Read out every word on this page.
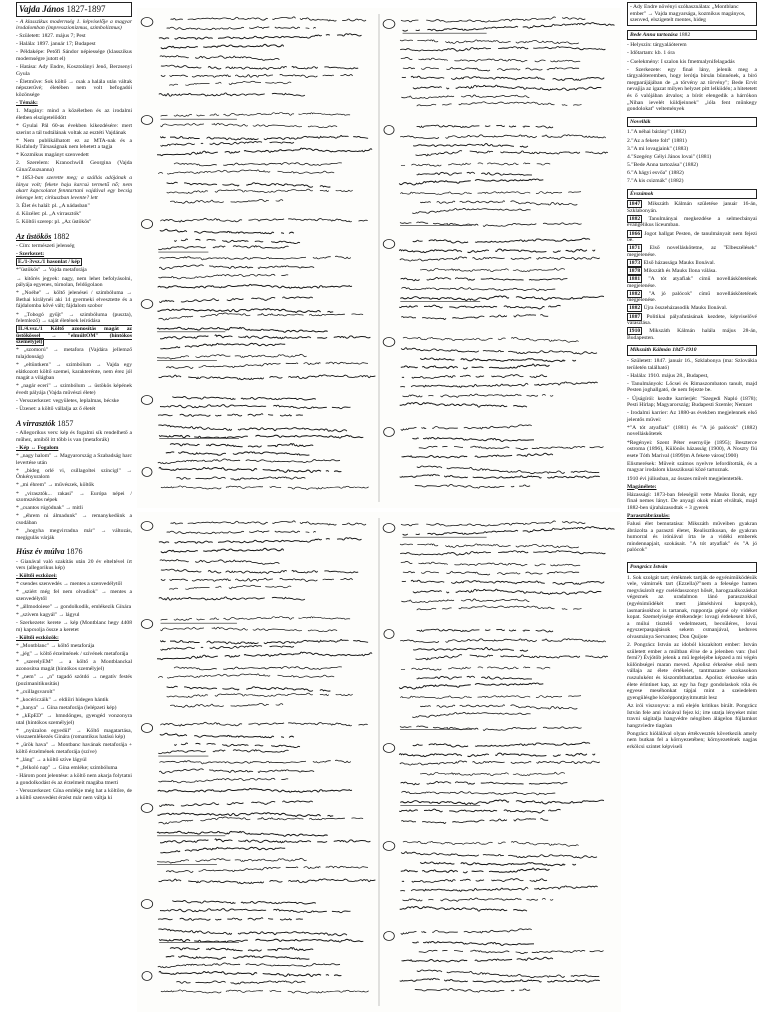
Vajda János 1827-1897
- A klasszikus modernség 1. képviselője a magyar irodalomban (impresszionizmus, szimbolizmus)
- Született: 1827. május 7; Pest
- Halála: 1897. január 17; Budapest
- Példaképe: Petőfi Sándor népiessége (klasszikus modernségre jutott el)
- Hatása: Ady Endre, Kosztolányi Jenő, Berzsenyi Gyula
- Életműve: Sok költő → csak a halála után váltak népszerűvé; életében nem volt befogadói közönsége
- Témák:
1. Magány: mind a közéletben és az irodalmi életben elszigetelődött
* Gyulai Pál 60-as években kikezdésére: mert szerint a tál tudtálának voltak az esztéti Vajdának
* Nem publikálhatott ez az MTA-nak és a Kisfaludy Társaságnak nem lehetett a tagja
* Kozmikus magányt szenvedett
2. Szerelem: Kranochwill Georgina (Vajda Gina/Zsuzsanna)
* 1853-ban szerette meg; a szállás adójának a lánya volt; fekete haju karcsú termetű nő; nem akart kapcsolatot fenntartani vajdával egy becsig lekenge lett; cirkuszban levente? lett
3. Élet és halál: pl. „A nádasban"
4. Közélet: pl. „A virrasztók"
5. Költői szerep: pl. „Az üstökös"
Az üstökös 1882
- Cím: természeti jelenség
- Szerkezet:
E./1-3vsz./1 hasonlat / kép
*"üstökös" → Vajda metaforája
→ kitörés jegyek: nagy, nem lehet befolyásolni, pályája egyenes, túrnolan, feldögolaon
* „Noéhe" → költő jelenései / szimbóluma → Bethai királynéi aki 14 gyermeki elvesztette és a fájdalomba kővé vált; fájdalom szobor
* „Tobogó gyűjt" → szimbóluma (puszta), felemlező) → saját életének leíródása
II./4.vsz./1 Költő azonosítás magát az üstökössel → "elmúltOM" (hintókos személyjel)
* „szomorú" → metafora (Vajdára jellemző tulajdonság)
* „eltüntkem" → szimbólum → Vajda egy elátkozott költő szemei, karakterénte, nem érez jól magát a világban
* „nagár eceri" → szimbólum → üstökös képének évedt pályája (Vajda művészi élete)
- Versszerkezet: vegyületes, leplalmas, bécske
- Üzenet: a költő vállalja az ő életét
A virrasztók 1857
- Allegorikus vers: kép és fogalmi sík rendelhető a műhez, amiből itt több is van (metaforák)
- Kép ↔ Fogalom
* „nagy halom" → Magyarország a Szabadság harc levertése után
* „bideg orlé vi, csillagoltei színcigl" → Önkényuralom
* „mi éhrem" → művészek, költők
* „virasztók... rakasi" → Európa népei / szomszédos népek
* „csantos rúgódnak" → mitli
* „éhrem ni álmadunk" → remanykedünk a csodában
* „hogyha megvirradna már" → változás, megigulás várják
Húsz év múlva 1876
- Gianával való szakítás után 20 év elteltével írt vers (allegorikus kép)
- Költői eszközei:
* csendes szenvedés → mentes a szenvedélytől
* „sziért még fel nem olvadiok" → mentes a szenvedélytől
* „állmodoiese" → gondolkodik, emlékezik Gínára
* „szívem kagyál" → lágyul
- Szerkezete: kerete → kép (Montblanc hegy 4408 m) kapcsolja össze a keretet
- Költői eszközök:
* „Montblanc" → költő metaforája
* „jég" → költő érzelmének / szívének metaforája
* „szerelyEM" → a költő a Montblanckal azonosítsa magát (hintókos személyjel)
* „nem" → „n" tagadó szótdó → negatív festés (pozimanitikusítás)
* „csillagsvarolt"
* „kocériczáik" → eldiíiri hidegen hántik
* „hanya" → Gína metaforája (lelépzeti kép)
* „kEpED" → hmndönges, gyengéd vonzonyra utal (hintókos személyjel)
* „nyúzalon egyedül" → Költő magatartása, visszaemlékezés Ginára (romantikus hatású kép)
* „ürök hava" → Montbanc havának metaforája + költő érzelmének metaforája (szíve)
* „láng" → a költő szíve lágyúl
* „felkoló nap" → Gína emléke; szimbóluma
- Három pont jelentése: a költő nem akarja folytatni a gondolkodást és az érzelmeit magába tmerti
- Versszerkezet: Gína emlékje még hat a költőre, de a költő szenvedést érzést már nem váltja ki
- Ady Endre növényi szóhasználata: „Montblanc ember" → Vajda magyarsága, kozmikus magányos, szenved, elszigetelt mentes, hideg
Bede Anna tartozása 1882
- Helyszín: tárgyaláóterem
- Időtartam: kb. 1 óra
- Cselekmény: I szalon kis fmetmalynifelagadás
- Szerkezete: egy finał lány, jelenik meg a tárgyalóteremben, hogy lerótja bírsán bünnének, a bíró megparájájában de „a törvény az törvény"; Bede Ervit nevajija az igazat milyen helyzet pitt lelkiidén; a hitetetett és ő valójában átvalos; a bírót elengedik a hárrókon „Nihan ievelét küldjeinnek" „ióla fent műnkegy gondolokat" veltemények
Novellák
1."A néhai bárány" (1882)
2."Az a fekete folt" (1881)
3."A mi lovagjaink" (1883)
4."Szegény Gélyi János lovai" (1881)
5."Bede Anna tartozása" (1882)
6."A hágyi esvőa" (1882)
7."A kis csizmák" (1882)
Évszámok
1847 Mikszáth Kálmán születése január 16-án, Szklabonyán.
1882 Tanulmányai megkezdése a selmecbányai evangélikus líceumban.
1866 Jogot hallgat Pesten, de tanulmányait nem fejezi be.
1871 Első novelláskötetne, az "Elbeszélések" megjelenése.
1873 Első házassága Mauks Ilonával.
1878 Mikszáth és Mauks Ilona válása.
1881 "A tót atyafiak" című novelláskötetének megjelenése.
1882 "A jó palócok" című novelláskötetének megjelenése.
1882 Újra összeházasodik Mauks Ilonával.
1887 Politikai pályafutásának kezdete, képviselővé választása.
1910 Mikszáth Kálmán halála május 28-án, Budapesten.
Mikszáth Kálmán 1847-1910
- Született: 1847. január 16., Szklabonya (ma: Szlovákia területén található)
- Halála: 1910. május 28., Budapest,
- Tanulmányok: Lőcsei és Rimaszombaton tanult, majd Pesten joghallgató, de nem fejezte be.
- Újságírói: kezdte karrierjét: "Szegedi Napló (1878); Pesti Hírlap; Magyarország; Budapesti Szemle; Nemzet
- Irodalmi karrier: Az 1880-as években megjelennek első jelentős művei:
*"A tót atyafiak" (1881) és "A jó palócok" (1882) novelláskötetek
*Regényei: Szent Péter esernyője (1895); Beszterce ostroma (1896), Különös házasság (1900), A Noszty fiú esete Tóth Marival (1899)m A fekete város(1900)
Elismerések: Műveit számos nyelvre lefordították, és a magyar irodalom klasszikusai közé tartoznak.
1910 évi júliusban, az összes művét megjelentették.
Magánélete:
Házassági: 1873-ban feleségül vette Mauks Ilonát, egy finał nemes lányt. De anyagi okok miatt elváltak, majd 1882-ben újraházasodtak + 3 gyerek
Parasztábrázolás:
Falusi élet bemutatása: Mikszáth műveiben gyakran ábrázolta a paraszti életet, Realisztikusan, de gyakran humorral és iróniával írta le a vidéki emberek mindennapjait, szokásait. "A tót atyafiak" és "A jó palócok"
Pongrácz István
1. Sok szolgát tart; értékmek tartják de egyéniműködésük vele, vámirnék tart (Ezzella)?"nem a felesége hamen megvásárolt egy cselédasszonyt hősét, harogzaalkozáskat végeznek az uradalmon lánó paraszzokkal (egyénimíidékét mert játnéshivni kapnyok), iasmarásokhoz is tartanak, ruppontja gépné oly vidéket kopat. Szemelyisége értékendeje: lovagi érdekeseit hívő, a múlui tisztelő vedelmezett, becsüléres, lovai egyszerpaspajtások sekem csmanjával, keduves olvasmánya Servantes; Don Quijote
2. Pongrácz István az idoból kiszakított ember: István született ember a múltban él/se de a jelenben van: (hol ferni?) Évjötőb jelenk a mű legelejébe képzed a mi végén különbségei maran meved. Apolisz érkezése első nem vállaja az élete értékeiet, tantmazaste szokasokon ruszuluként és kiszombthatatlan. Apolisz érkezése után élete érintinet kap, az egy ha fogy gondolaskok róla és egyese meséhonkat tápjai mint a szeiedelem gyengülésgbe középpontjnyitmuttát lesz
Az irói viszonyva: a mű elején kritikus bírált. Pongrácz István fele ami irónával fejez ki; írte utatja lényeket mint travni ságitalja hangvédre néngiben álágelon fújlamkot hangzviedre tiagóan
Pongrácz hiólálával olyan értékvesztés következik amely nem butkan fel a környezetében; környezetének nagjas erkölcsi szintet képviseli
